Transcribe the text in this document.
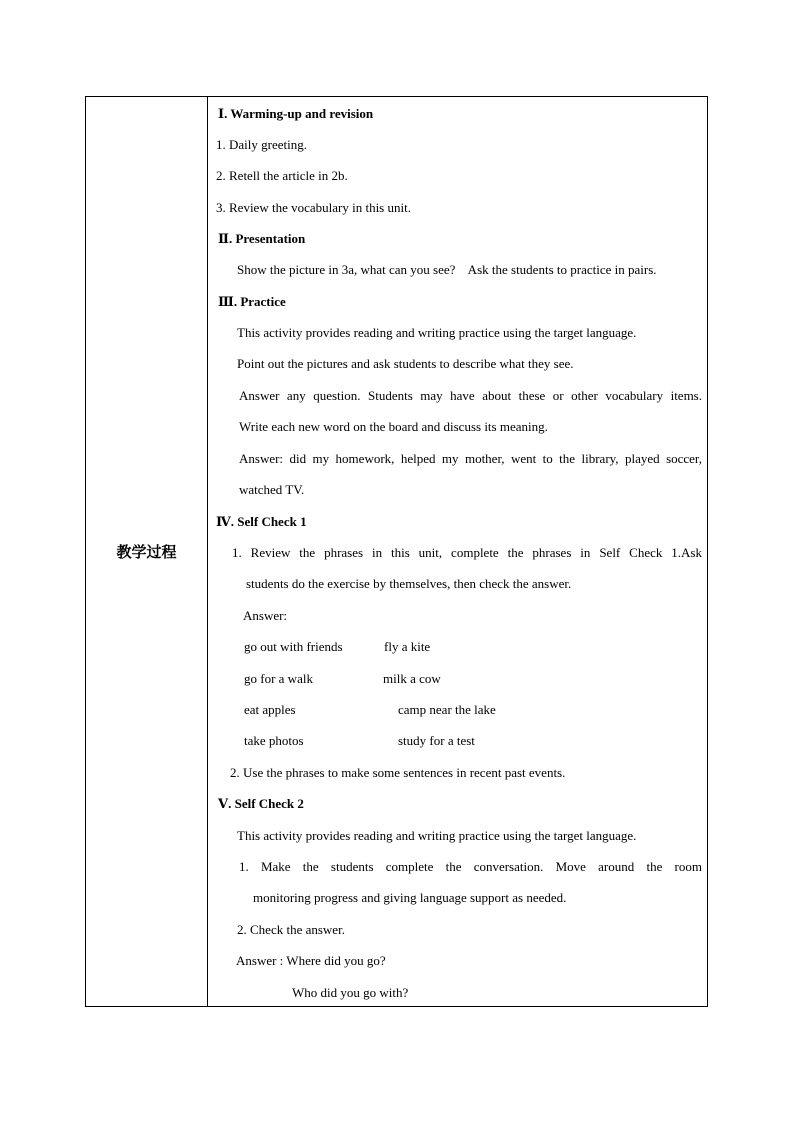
教学过程
Ⅰ. Warming-up and revision
1. Daily greeting.
2. Retell the article in 2b.
3. Review the vocabulary in this unit.
Ⅱ. Presentation
Show the picture in 3a, what can you see?    Ask the students to practice in pairs.
Ⅲ. Practice
This activity provides reading and writing practice using the target language.
Point out the pictures and ask students to describe what they see.
Answer any question. Students may have about these or other vocabulary items.
Write each new word on the board and discuss its meaning.
Answer: did my homework, helped my mother, went to the library, played soccer,
watched TV.
Ⅳ. Self Check 1
1. Review the phrases in this unit, complete the phrases in Self Check 1.Ask
students do the exercise by themselves, then check the answer.
Answer:
go out with friends	fly a kite
go for a walk	milk a cow
eat apples	camp near the lake
take photos	study for a test
2. Use the phrases to make some sentences in recent past events.
Ⅴ. Self Check 2
This activity provides reading and writing practice using the target language.
1. Make the students complete the conversation. Move around the room
monitoring progress and giving language support as needed.
2. Check the answer.
Answer : Where did you go?
Who did you go with?
